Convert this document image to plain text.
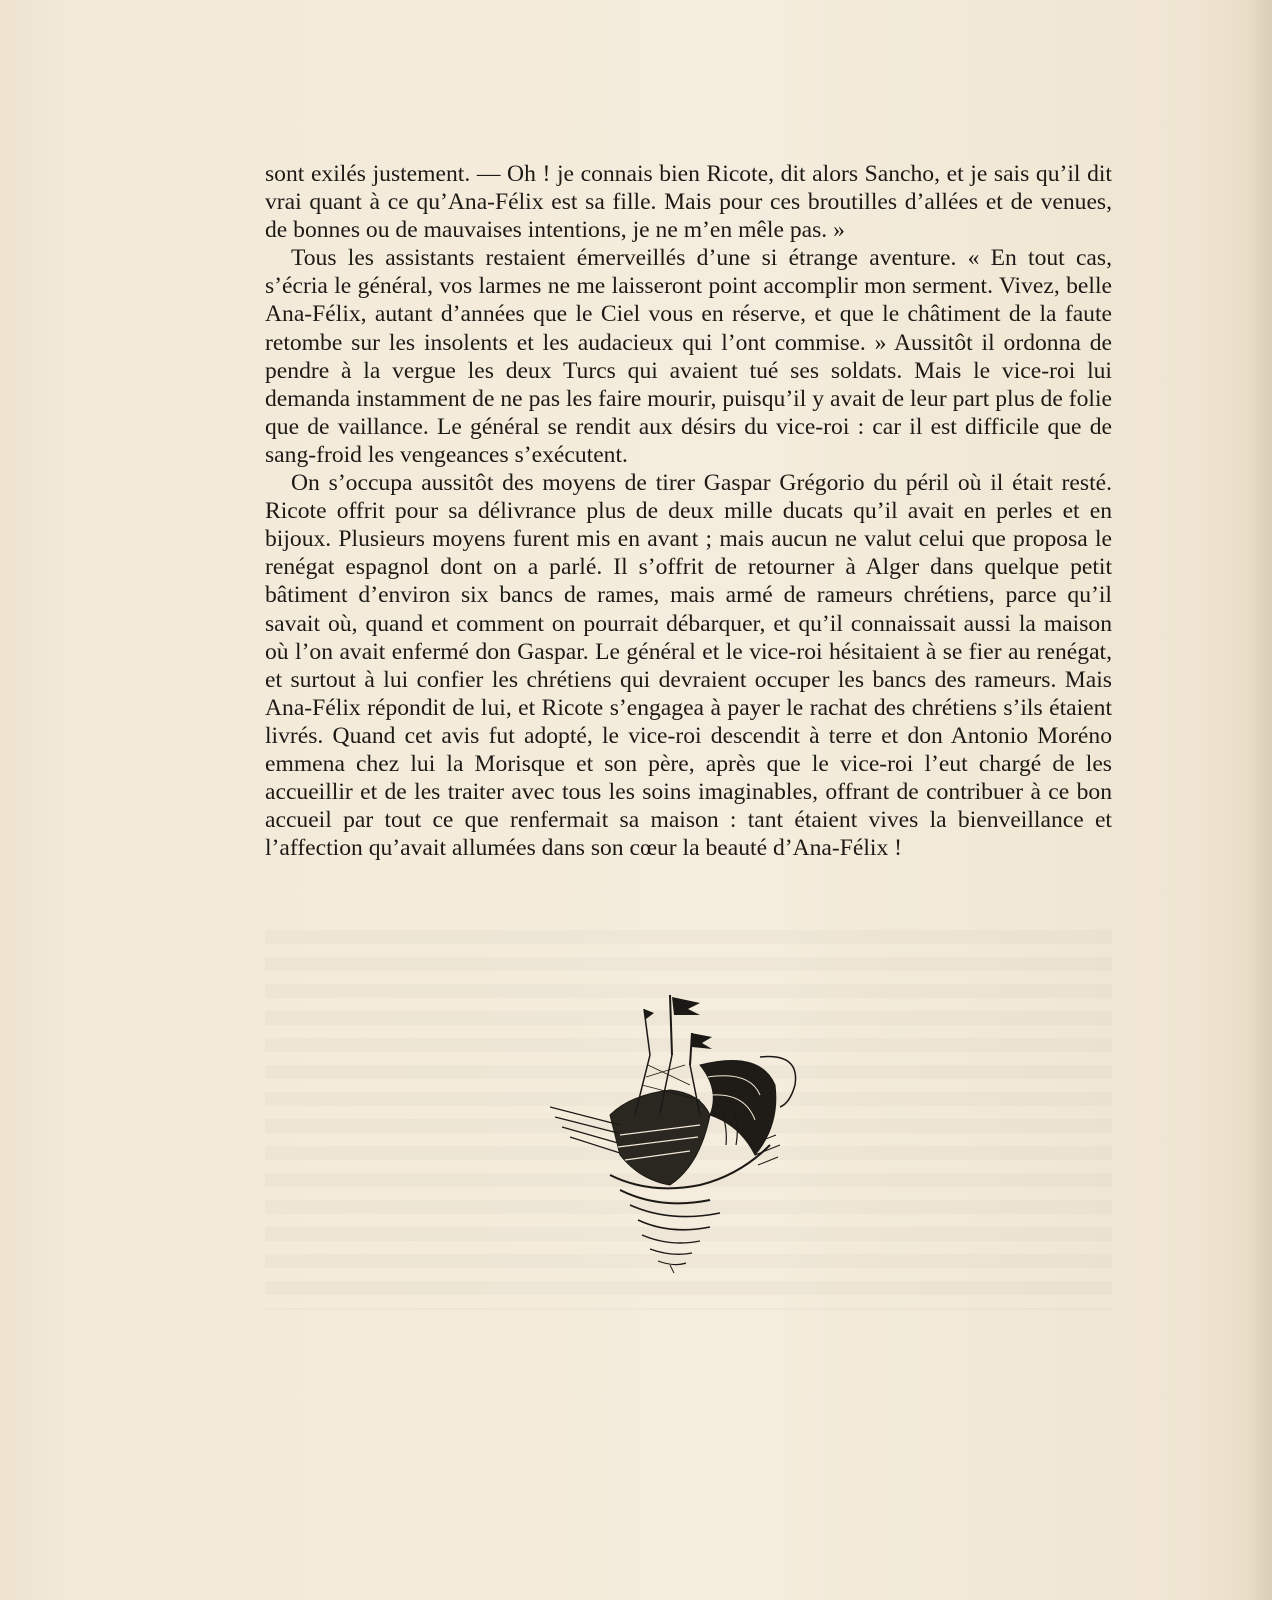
sont exilés justement. — Oh ! je connais bien Ricote, dit alors Sancho, et je sais qu’il dit vrai quant à ce qu’Ana-Félix est sa fille. Mais pour ces broutilles d’allées et de venues, de bonnes ou de mauvaises intentions, je ne m’en mêle pas. »

Tous les assistants restaient émerveillés d’une si étrange aventure. « En tout cas, s’écria le général, vos larmes ne me laisseront point accomplir mon serment. Vivez, belle Ana-Félix, autant d’années que le Ciel vous en réserve, et que le châtiment de la faute retombe sur les insolents et les audacieux qui l’ont commise. » Aussitôt il ordonna de pendre à la vergue les deux Turcs qui avaient tué ses soldats. Mais le vice-roi lui demanda instamment de ne pas les faire mourir, puisqu’il y avait de leur part plus de folie que de vaillance. Le général se rendit aux désirs du vice-roi : car il est difficile que de sang-froid les vengeances s’exécutent.

On s’occupa aussitôt des moyens de tirer Gaspar Grégorio du péril où il était resté. Ricote offrit pour sa délivrance plus de deux mille ducats qu’il avait en perles et en bijoux. Plusieurs moyens furent mis en avant ; mais aucun ne valut celui que proposa le renégat espagnol dont on a parlé. Il s’offrit de retourner à Alger dans quelque petit bâtiment d’environ six bancs de rames, mais armé de rameurs chrétiens, parce qu’il savait où, quand et comment on pourrait débarquer, et qu’il connaissait aussi la maison où l’on avait enfermé don Gaspar. Le général et le vice-roi hésitaient à se fier au renégat, et surtout à lui confier les chrétiens qui devraient occuper les bancs des rameurs. Mais Ana-Félix répondit de lui, et Ricote s’engagea à payer le rachat des chrétiens s’ils étaient livrés. Quand cet avis fut adopté, le vice-roi descendit à terre et don Antonio Moréno emmena chez lui la Morisque et son père, après que le vice-roi l’eut chargé de les accueillir et de les traiter avec tous les soins imaginables, offrant de contribuer à ce bon accueil par tout ce que renfermait sa maison : tant étaient vives la bienveillance et l’affection qu’avait allumées dans son cœur la beauté d’Ana-Félix !
